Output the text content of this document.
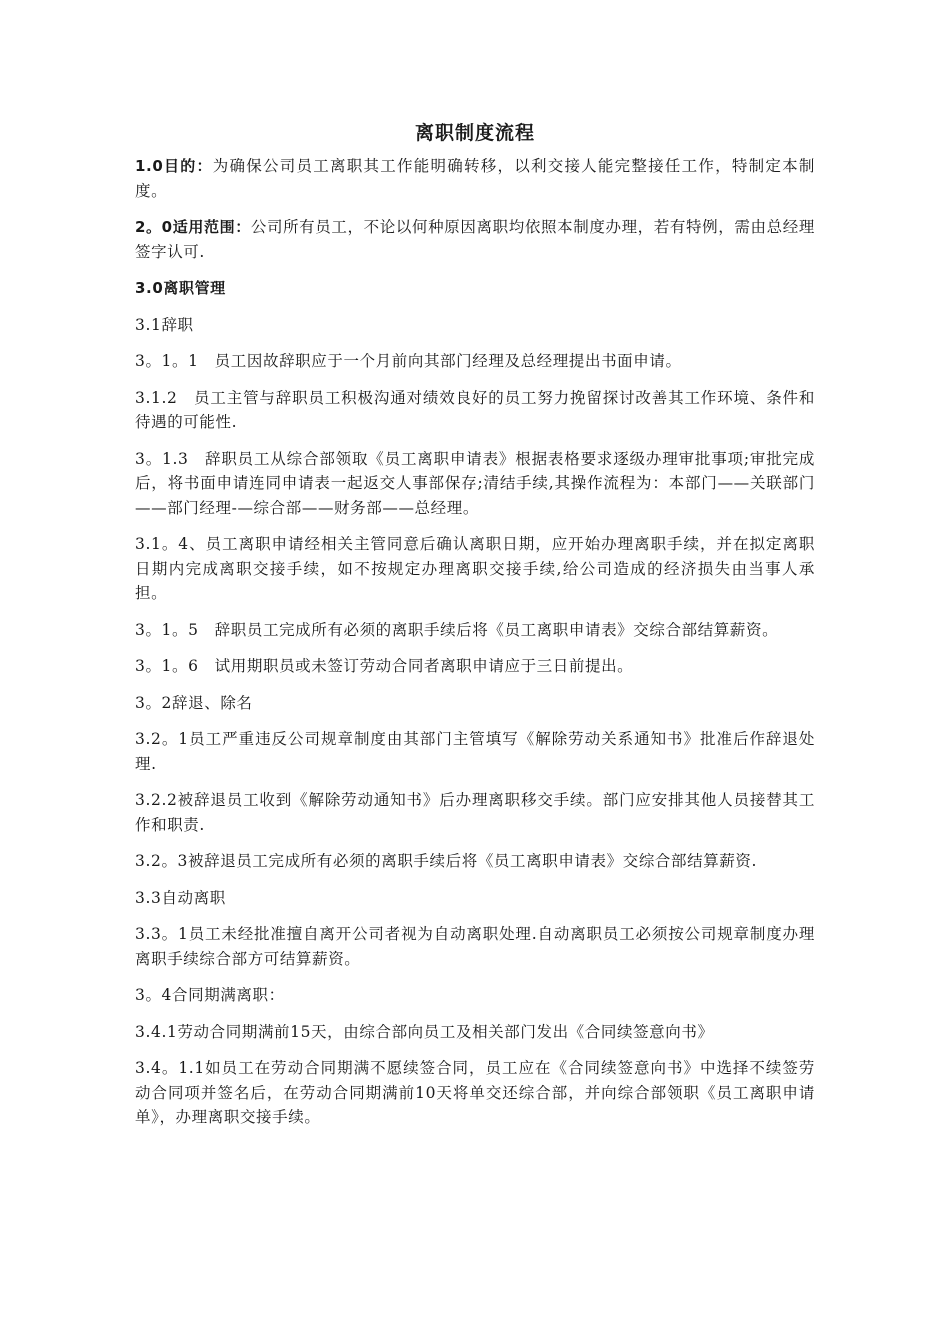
离职制度流程

1.0目的：为确保公司员工离职其工作能明确转移，以利交接人能完整接任工作，特制定本制度。

2。0适用范围：公司所有员工，不论以何种原因离职均依照本制度办理，若有特例，需由总经理签字认可.

3.0离职管理

3.1辞职

3。1。1　员工因故辞职应于一个月前向其部门经理及总经理提出书面申请。

3.1.2　员工主管与辞职员工积极沟通对绩效良好的员工努力挽留探讨改善其工作环境、条件和待遇的可能性.

3。1.3　辞职员工从综合部领取《员工离职申请表》根据表格要求逐级办理审批事项;审批完成后，将书面申请连同申请表一起返交人事部保存;清结手续,其操作流程为：本部门——关联部门——部门经理-—综合部——财务部——总经理。

3.1。4、员工离职申请经相关主管同意后确认离职日期，应开始办理离职手续，并在拟定离职日期内完成离职交接手续，如不按规定办理离职交接手续,给公司造成的经济损失由当事人承担。

3。1。5　辞职员工完成所有必须的离职手续后将《员工离职申请表》交综合部结算薪资。

3。1。6　试用期职员或未签订劳动合同者离职申请应于三日前提出。

3。2辞退、除名

3.2。1员工严重违反公司规章制度由其部门主管填写《解除劳动关系通知书》批准后作辞退处理.

3.2.2被辞退员工收到《解除劳动通知书》后办理离职移交手续。部门应安排其他人员接替其工作和职责.

3.2。3被辞退员工完成所有必须的离职手续后将《员工离职申请表》交综合部结算薪资.

3.3自动离职

3.3。1员工未经批准擅自离开公司者视为自动离职处理.自动离职员工必须按公司规章制度办理离职手续综合部方可结算薪资。

3。4合同期满离职：

3.4.1劳动合同期满前15天，由综合部向员工及相关部门发出《合同续签意向书》

3.4。1.1如员工在劳动合同期满不愿续签合同，员工应在《合同续签意向书》中选择不续签劳动合同项并签名后，在劳动合同期满前10天将单交还综合部，并向综合部领职《员工离职申请单》，办理离职交接手续。
